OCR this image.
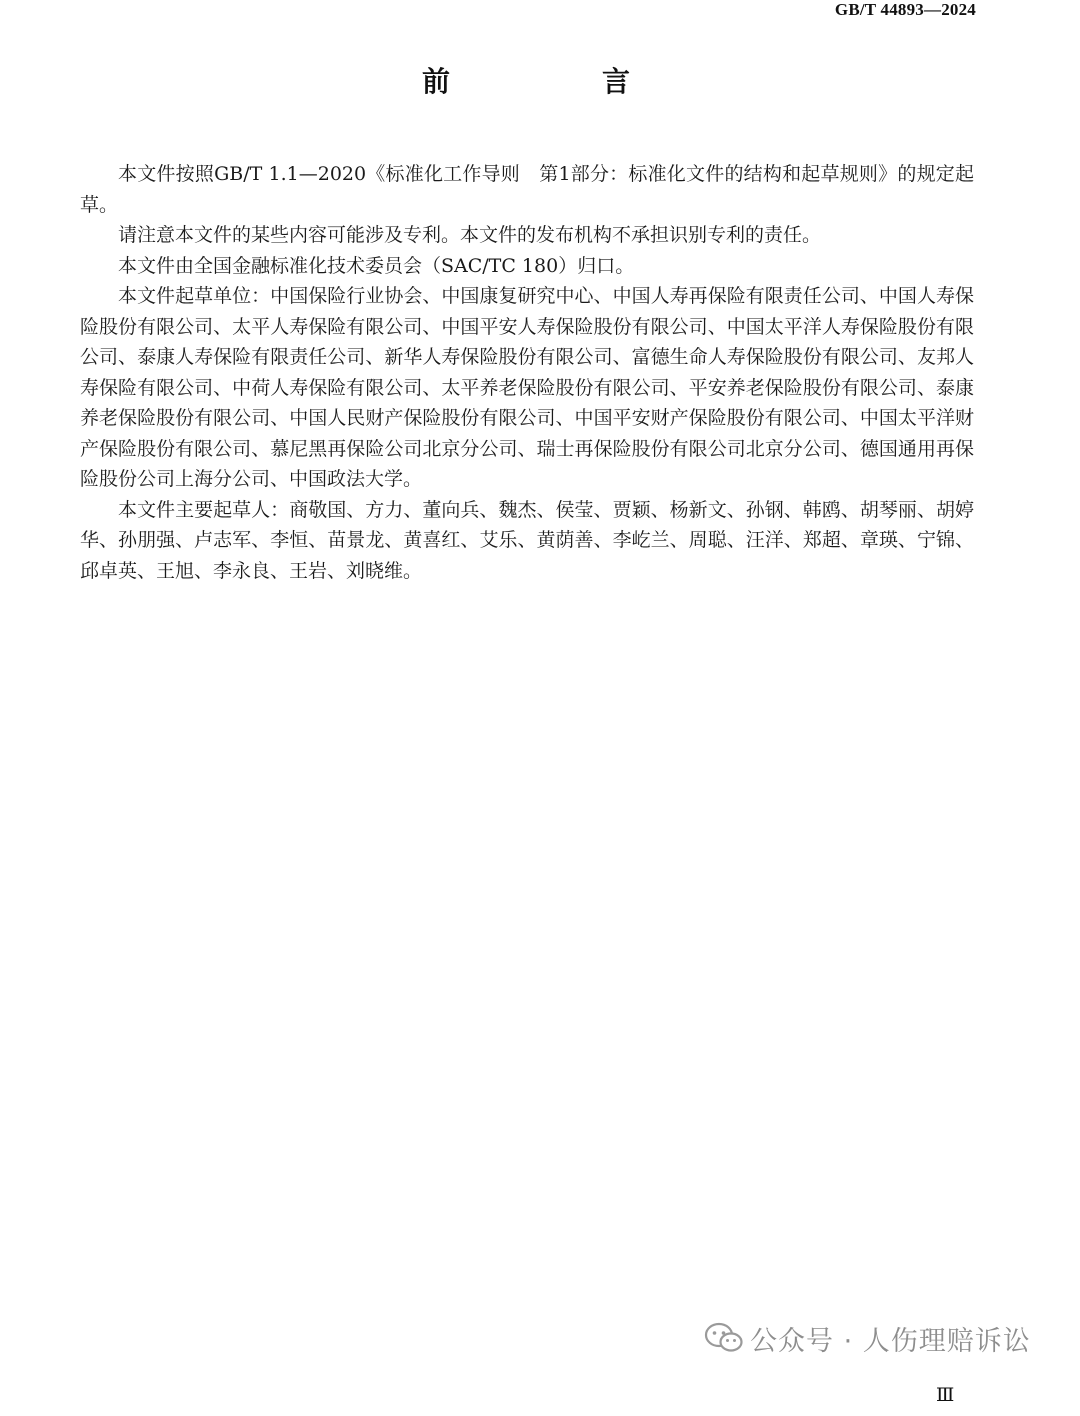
GB/T 44893—2024
前　言

本文件按照GB/T 1.1—2020《标准化工作导则　第1部分：标准化文件的结构和起草规则》的规定起草。

请注意本文件的某些内容可能涉及专利。本文件的发布机构不承担识别专利的责任。

本文件由全国金融标准化技术委员会（SAC/TC 180）归口。

本文件起草单位：中国保险行业协会、中国康复研究中心、中国人寿再保险有限责任公司、中国人寿保险股份有限公司、太平人寿保险有限公司、中国平安人寿保险股份有限公司、中国太平洋人寿保险股份有限公司、泰康人寿保险有限责任公司、新华人寿保险股份有限公司、富德生命人寿保险股份有限公司、友邦人寿保险有限公司、中荷人寿保险有限公司、太平养老保险股份有限公司、平安养老保险股份有限公司、泰康养老保险股份有限公司、中国人民财产保险股份有限公司、中国平安财产保险股份有限公司、中国太平洋财产保险股份有限公司、慕尼黑再保险公司北京分公司、瑞士再保险股份有限公司北京分公司、德国通用再保险股份公司上海分公司、中国政法大学。

本文件主要起草人：商敬国、方力、董向兵、魏杰、侯莹、贾颖、杨新文、孙钢、韩鸥、胡琴丽、胡婷华、孙朋强、卢志军、李恒、苗景龙、黄喜红、艾乐、黄荫善、李屹兰、周聪、汪洋、郑超、章瑛、宁锦、邱卓英、王旭、李永良、王岩、刘晓维。

公众号 · 人伤理赔诉讼
Ⅲ
